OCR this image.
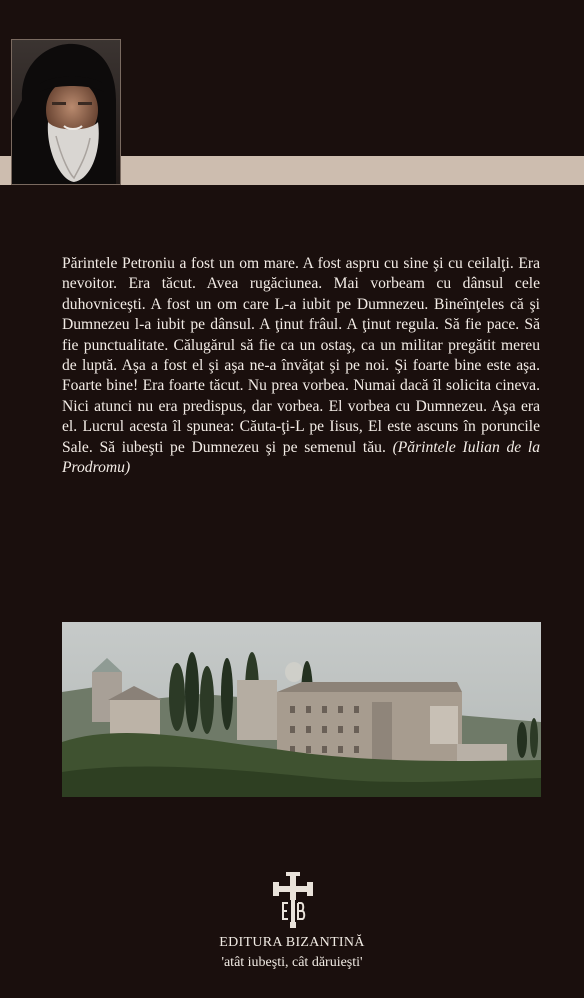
Părintele Petroniu a fost un om mare. A fost aspru cu sine şi cu ceilalţi. Era nevoitor. Era tăcut. Avea rugăciunea. Mai vorbeam cu dânsul cele duhovniceşti. A fost un om care L-a iubit pe Dumnezeu. Bineînţeles că şi Dumnezeu l-a iubit pe dânsul. A ţinut frâul. A ţinut regula. Să fie pace. Să fie punctualitate. Călugărul să fie ca un ostaş, ca un militar pregătit mereu de luptă. Aşa a fost el şi aşa ne-a învăţat şi pe noi. Şi foarte bine este aşa. Foarte bine! Era foarte tăcut. Nu prea vorbea. Numai dacă îl solicita cineva. Nici atunci nu era predispus, dar vorbea. El vorbea cu Dumnezeu. Aşa era el. Lucrul acesta îl spunea: Căuta-ţi-L pe Iisus, El este ascuns în poruncile Sale. Să iubeşti pe Dumnezeu şi pe semenul tău. (Părintele Iulian de la Prodromu)

EDITURA BIZANTINĂ

'atât iubeşti, cât dăruieşti'
